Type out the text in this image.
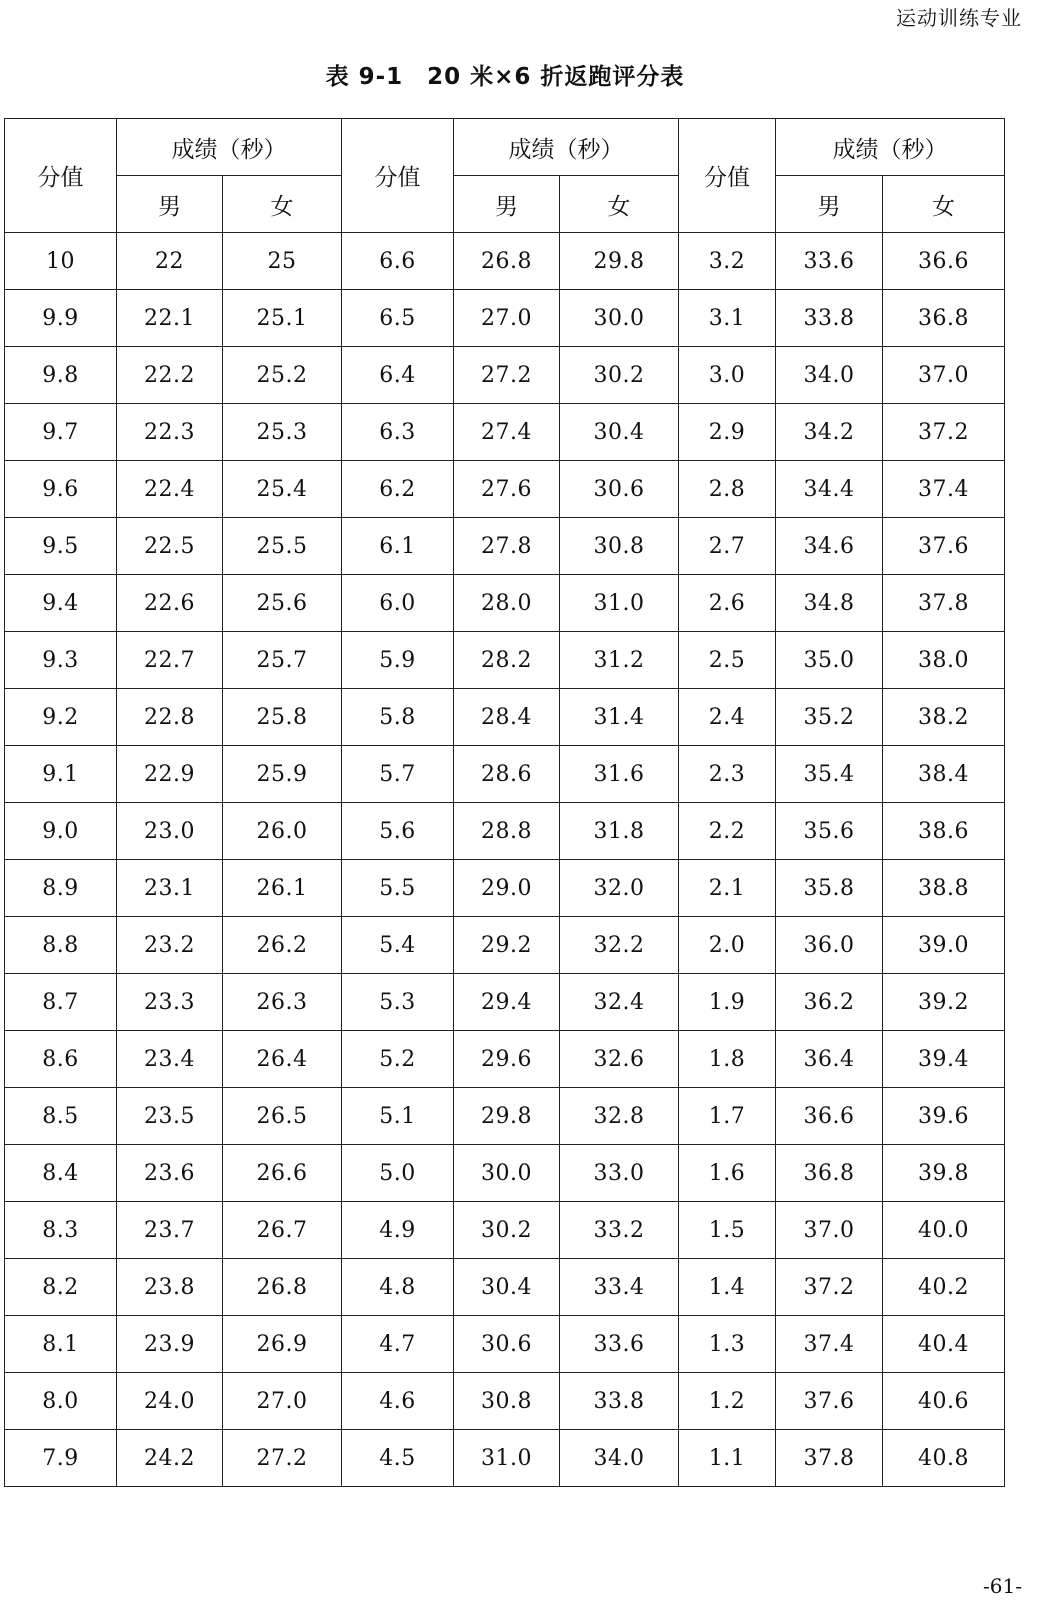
运动训练专业
表 9-1　20 米×6 折返跑评分表
分值	成绩（秒）		分值	成绩（秒）		分值	成绩（秒）	
	男	女		男	女		男	女
10	22	25	6.6	26.8	29.8	3.2	33.6	36.6
9.9	22.1	25.1	6.5	27.0	30.0	3.1	33.8	36.8
9.8	22.2	25.2	6.4	27.2	30.2	3.0	34.0	37.0
9.7	22.3	25.3	6.3	27.4	30.4	2.9	34.2	37.2
9.6	22.4	25.4	6.2	27.6	30.6	2.8	34.4	37.4
9.5	22.5	25.5	6.1	27.8	30.8	2.7	34.6	37.6
9.4	22.6	25.6	6.0	28.0	31.0	2.6	34.8	37.8
9.3	22.7	25.7	5.9	28.2	31.2	2.5	35.0	38.0
9.2	22.8	25.8	5.8	28.4	31.4	2.4	35.2	38.2
9.1	22.9	25.9	5.7	28.6	31.6	2.3	35.4	38.4
9.0	23.0	26.0	5.6	28.8	31.8	2.2	35.6	38.6
8.9	23.1	26.1	5.5	29.0	32.0	2.1	35.8	38.8
8.8	23.2	26.2	5.4	29.2	32.2	2.0	36.0	39.0
8.7	23.3	26.3	5.3	29.4	32.4	1.9	36.2	39.2
8.6	23.4	26.4	5.2	29.6	32.6	1.8	36.4	39.4
8.5	23.5	26.5	5.1	29.8	32.8	1.7	36.6	39.6
8.4	23.6	26.6	5.0	30.0	33.0	1.6	36.8	39.8
8.3	23.7	26.7	4.9	30.2	33.2	1.5	37.0	40.0
8.2	23.8	26.8	4.8	30.4	33.4	1.4	37.2	40.2
8.1	23.9	26.9	4.7	30.6	33.6	1.3	37.4	40.4
8.0	24.0	27.0	4.6	30.8	33.8	1.2	37.6	40.6
7.9	24.2	27.2	4.5	31.0	34.0	1.1	37.8	40.8
-61-
